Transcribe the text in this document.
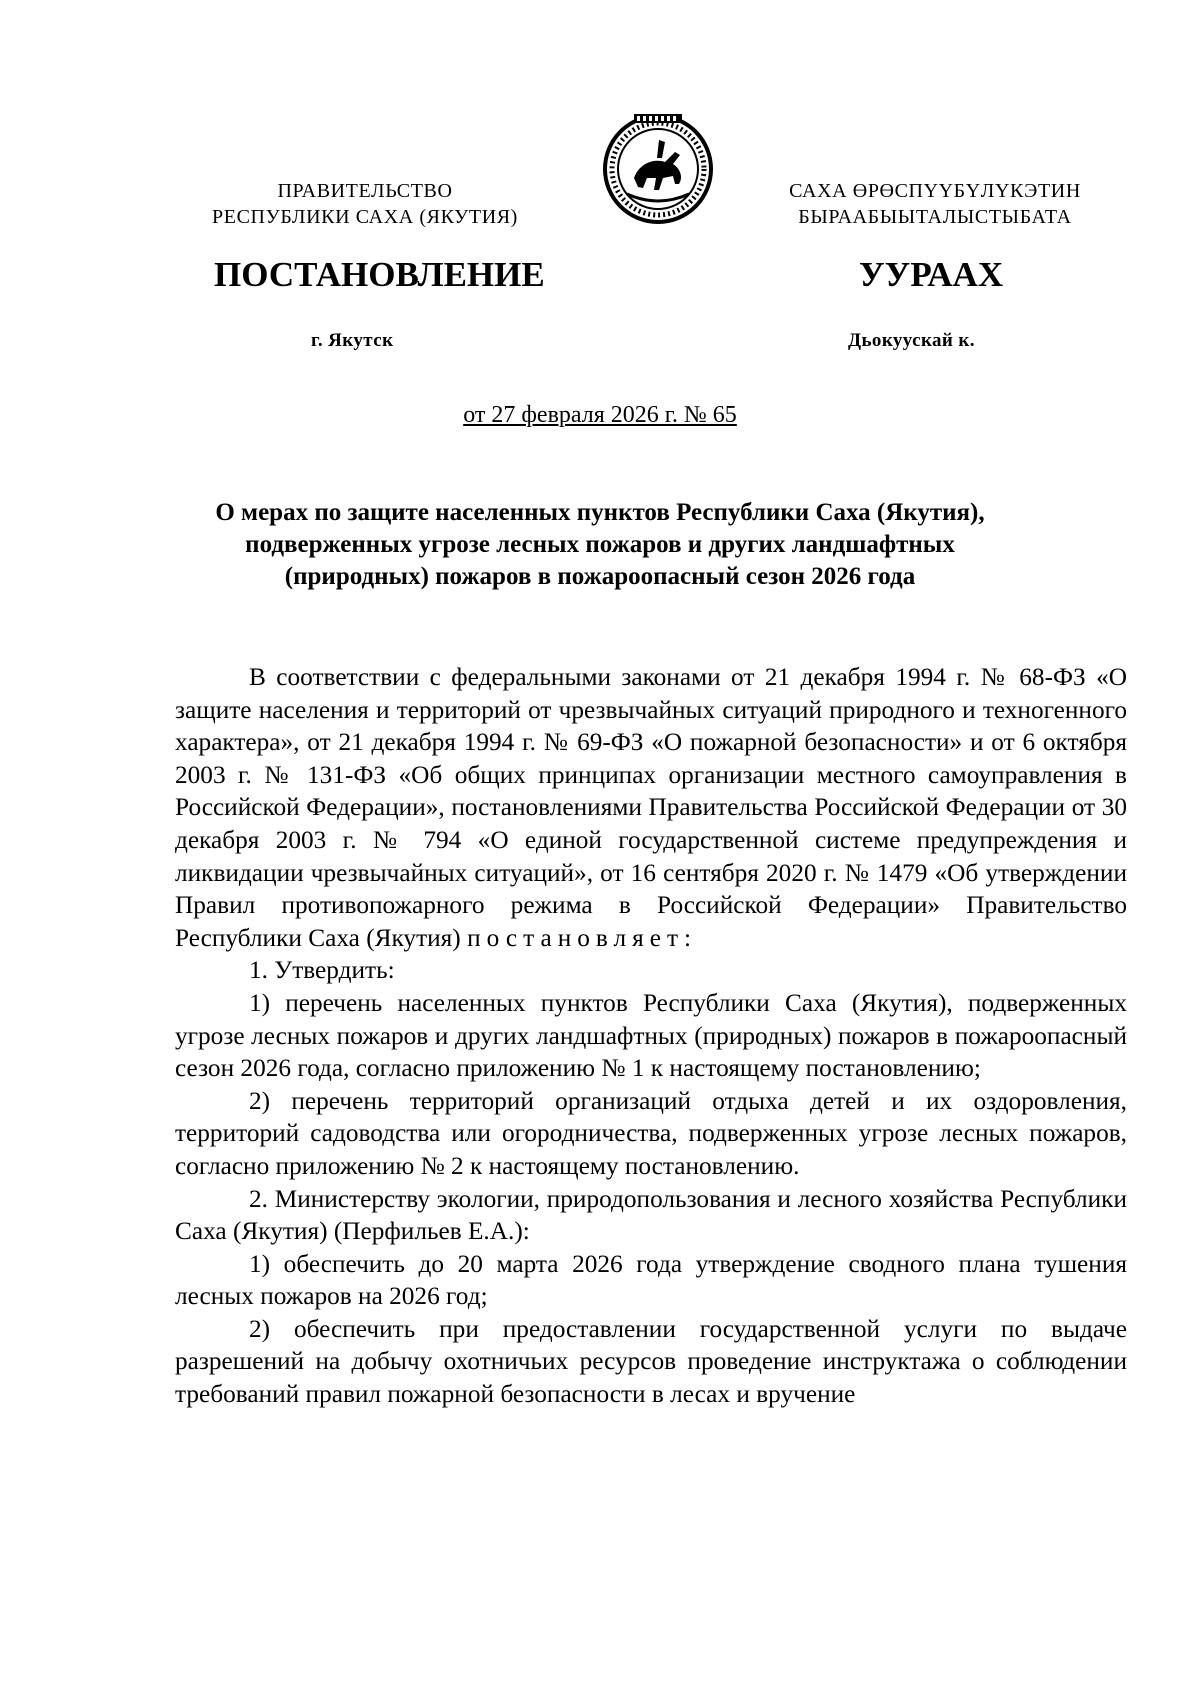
ПРАВИТЕЛЬСТВО
РЕСПУБЛИКИ САХА (ЯКУТИЯ)
САХА ӨРӨСПҮҮБҮЛҮКЭТИН
БЫРААБЫЫТАЛЫСТЫБАТА
ПОСТАНОВЛЕНИЕ	УУРААХ
г. Якутск	Дьокуускай к.
от 27 февраля 2026 г. № 65
О мерах по защите населенных пунктов Республики Саха (Якутия),
подверженных угрозе лесных пожаров и других ландшафтных
(природных) пожаров в пожароопасный сезон 2026 года

В соответствии с федеральными законами от 21 декабря 1994 г. № 68-ФЗ «О защите населения и территорий от чрезвычайных ситуаций природного и техногенного характера», от 21 декабря 1994 г. № 69-ФЗ «О пожарной безопасности» и от 6 октября 2003 г. № 131-ФЗ «Об общих принципах организации местного самоуправления в Российской Федерации», постановлениями Правительства Российской Федерации от 30 декабря 2003 г. № 794 «О единой государственной системе предупреждения и ликвидации чрезвычайных ситуаций», от 16 сентября 2020 г. № 1479 «Об утверждении Правил противопожарного режима в Российской Федерации» Правительство Республики Саха (Якутия) постановляет:

1. Утвердить:

1) перечень населенных пунктов Республики Саха (Якутия), подверженных угрозе лесных пожаров и других ландшафтных (природных) пожаров в пожароопасный сезон 2026 года, согласно приложению № 1 к настоящему постановлению;

2) перечень территорий организаций отдыха детей и их оздоровления, территорий садоводства или огородничества, подверженных угрозе лесных пожаров, согласно приложению № 2 к настоящему постановлению.

2. Министерству экологии, природопользования и лесного хозяйства Республики Саха (Якутия) (Перфильев Е.А.):

1) обеспечить до 20 марта 2026 года утверждение сводного плана тушения лесных пожаров на 2026 год;

2) обеспечить при предоставлении государственной услуги по выдаче разрешений на добычу охотничьих ресурсов проведение инструктажа о соблюдении требований правил пожарной безопасности в лесах и вручение
